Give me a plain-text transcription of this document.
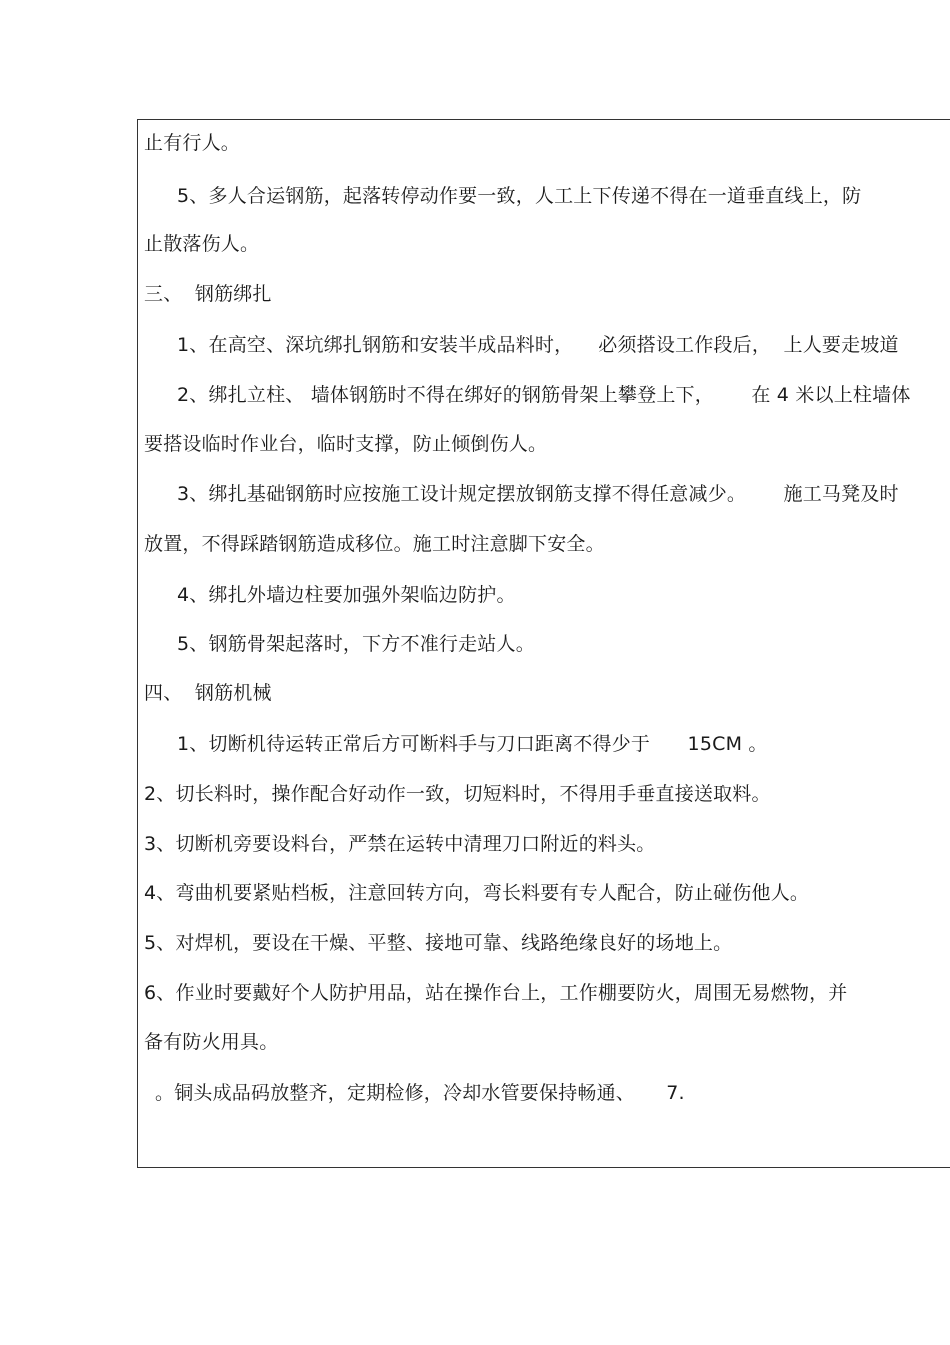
止有行人。
5、多人合运钢筋，起落转停动作要一致，人工上下传递不得在一道垂直线上，防
止散落伤人。
三、  钢筋绑扎
1、在高空、深坑绑扎钢筋和安装半成品料时，    必须搭设工作段后，  上人要走坡道
2、绑扎立柱、 墙体钢筋时不得在绑好的钢筋骨架上攀登上下，      在 4 米以上柱墙体
要搭设临时作业台，临时支撑，防止倾倒伤人。
3、绑扎基础钢筋时应按施工设计规定摆放钢筋支撑不得任意减少。      施工马凳及时
放置，不得踩踏钢筋造成移位。施工时注意脚下安全。
4、绑扎外墙边柱要加强外架临边防护。
5、钢筋骨架起落时，下方不准行走站人。
四、  钢筋机械
1、切断机待运转正常后方可断料手与刀口距离不得少于      15CM 。
2、切长料时，操作配合好动作一致，切短料时，不得用手垂直接送取料。
3、切断机旁要设料台，严禁在运转中清理刀口附近的料头。
4、弯曲机要紧贴档板，注意回转方向，弯长料要有专人配合，防止碰伤他人。
5、对焊机，要设在干燥、平整、接地可靠、线路绝缘良好的场地上。
6、作业时要戴好个人防护用品，站在操作台上，工作棚要防火，周围无易燃物，并
备有防火用具。
。铜头成品码放整齐，定期检修，冷却水管要保持畅通、     7.
